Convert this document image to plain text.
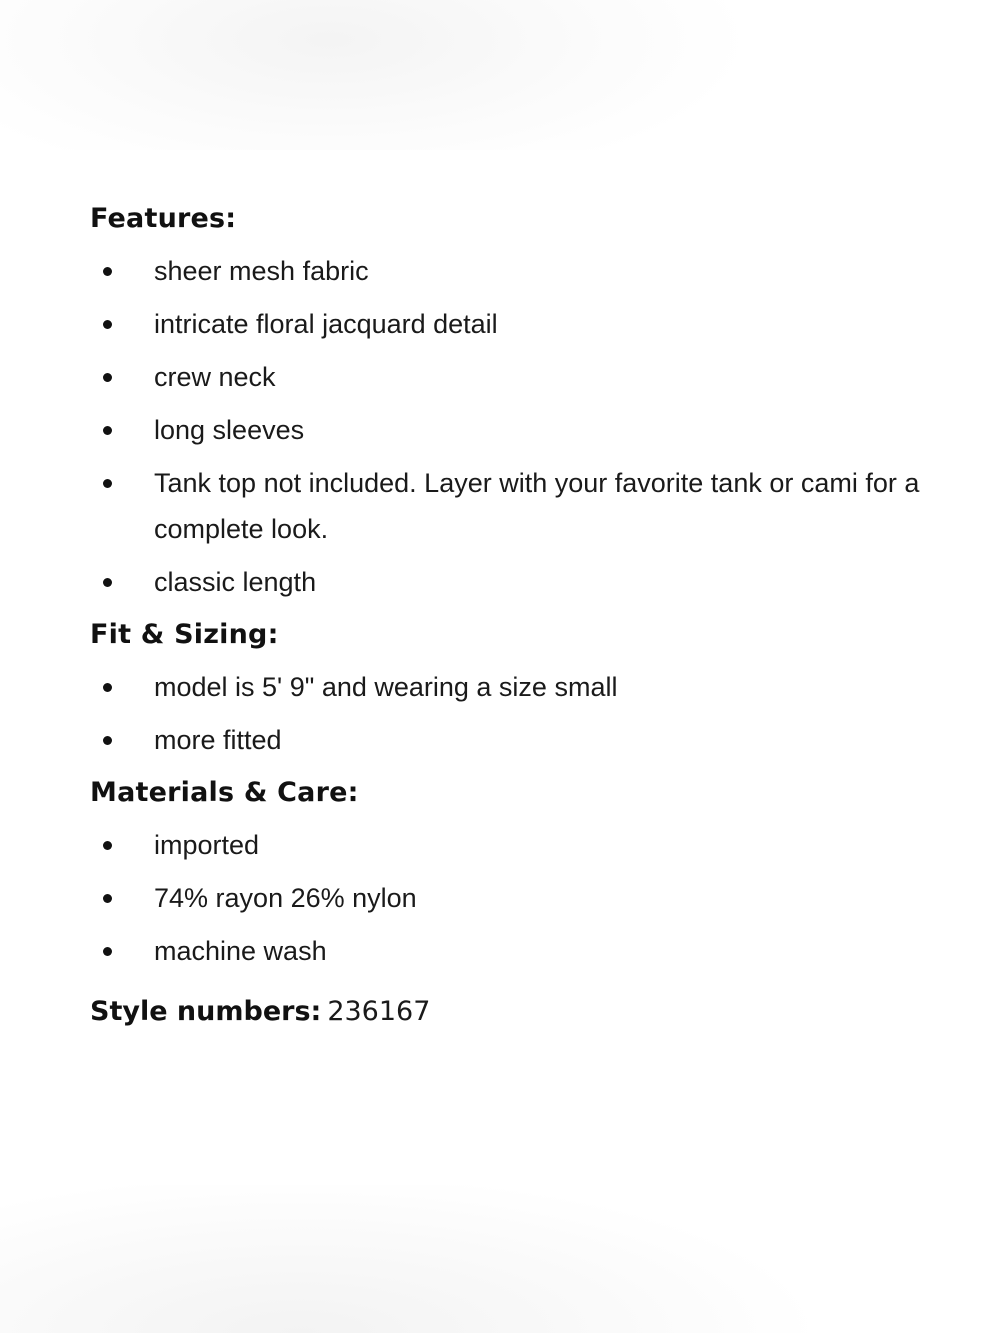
Features:
sheer mesh fabric
intricate floral jacquard detail
crew neck
long sleeves
Tank top not included. Layer with your favorite tank or cami for a complete look.
classic length
Fit & Sizing:
model is 5' 9" and wearing a size small
more fitted
Materials & Care:
imported
74% rayon 26% nylon
machine wash
Style numbers: 236167
